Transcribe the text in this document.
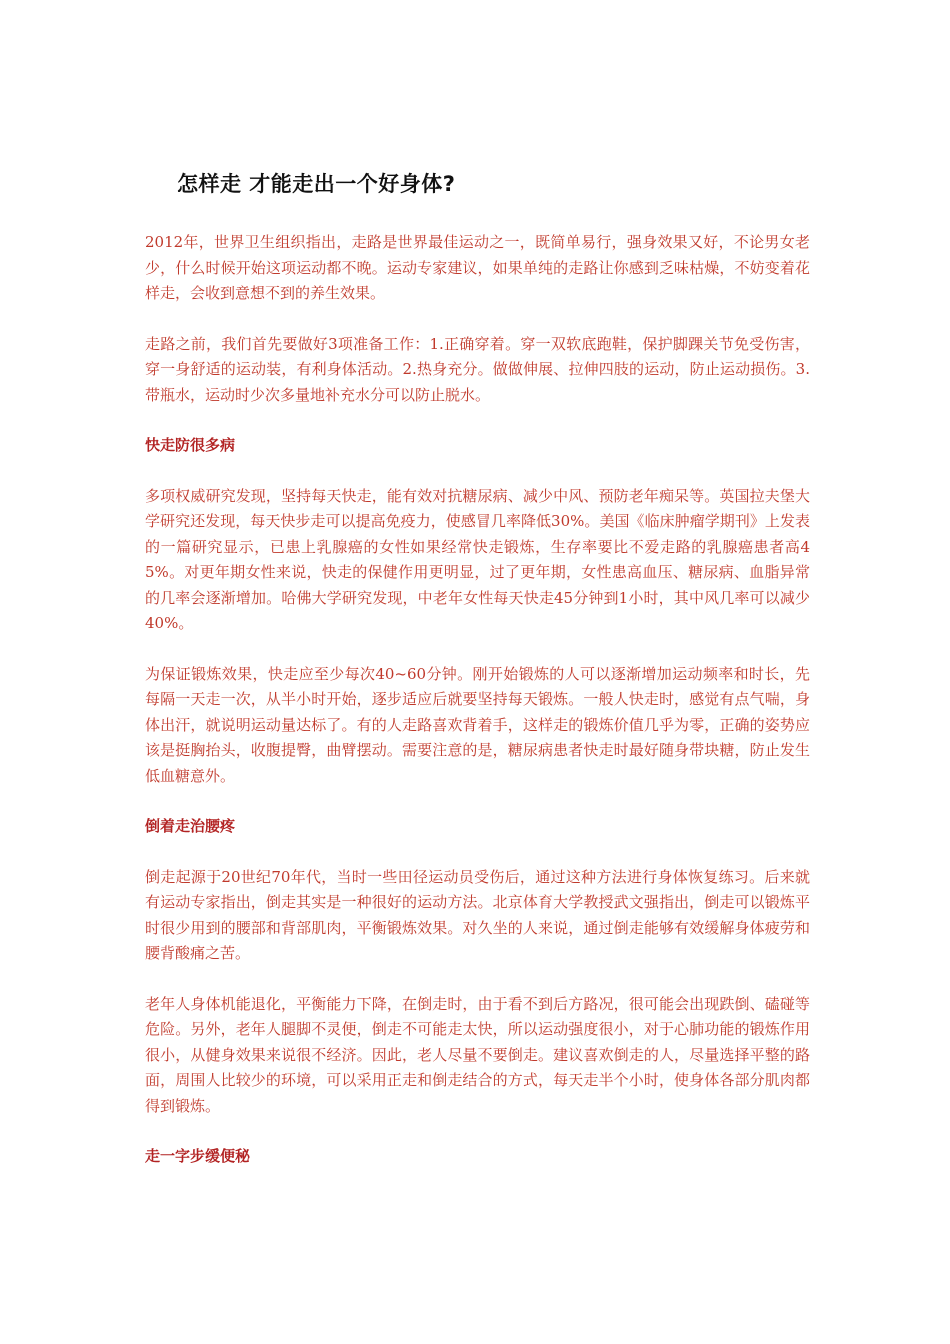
怎样走 才能走出一个好身体?

2012年，世界卫生组织指出，走路是世界最佳运动之一，既简单易行，强身效果又好，不论男女老少，什么时候开始这项运动都不晚。运动专家建议，如果单纯的走路让你感到乏味枯燥，不妨变着花样走，会收到意想不到的养生效果。

走路之前，我们首先要做好3项准备工作：1.正确穿着。穿一双软底跑鞋，保护脚踝关节免受伤害，穿一身舒适的运动装，有利身体活动。2.热身充分。做做伸展、拉伸四肢的运动，防止运动损伤。3.带瓶水，运动时少次多量地补充水分可以防止脱水。

快走防很多病

多项权威研究发现，坚持每天快走，能有效对抗糖尿病、减少中风、预防老年痴呆等。英国拉夫堡大学研究还发现，每天快步走可以提高免疫力，使感冒几率降低30%。美国《临床肿瘤学期刊》上发表的一篇研究显示，已患上乳腺癌的女性如果经常快走锻炼，生存率要比不爱走路的乳腺癌患者高45%。对更年期女性来说，快走的保健作用更明显，过了更年期，女性患高血压、糖尿病、血脂异常的几率会逐渐增加。哈佛大学研究发现，中老年女性每天快走45分钟到1小时，其中风几率可以减少40%。

为保证锻炼效果，快走应至少每次40~60分钟。刚开始锻炼的人可以逐渐增加运动频率和时长，先每隔一天走一次，从半小时开始，逐步适应后就要坚持每天锻炼。一般人快走时，感觉有点气喘，身体出汗，就说明运动量达标了。有的人走路喜欢背着手，这样走的锻炼价值几乎为零，正确的姿势应该是挺胸抬头，收腹提臀，曲臂摆动。需要注意的是，糖尿病患者快走时最好随身带块糖，防止发生低血糖意外。

倒着走治腰疼

倒走起源于20世纪70年代，当时一些田径运动员受伤后，通过这种方法进行身体恢复练习。后来就有运动专家指出，倒走其实是一种很好的运动方法。北京体育大学教授武文强指出，倒走可以锻炼平时很少用到的腰部和背部肌肉，平衡锻炼效果。对久坐的人来说，通过倒走能够有效缓解身体疲劳和腰背酸痛之苦。

老年人身体机能退化，平衡能力下降，在倒走时，由于看不到后方路况，很可能会出现跌倒、磕碰等危险。另外，老年人腿脚不灵便，倒走不可能走太快，所以运动强度很小，对于心肺功能的锻炼作用很小，从健身效果来说很不经济。因此，老人尽量不要倒走。建议喜欢倒走的人，尽量选择平整的路面，周围人比较少的环境，可以采用正走和倒走结合的方式，每天走半个小时，使身体各部分肌肉都得到锻炼。

走一字步缓便秘
